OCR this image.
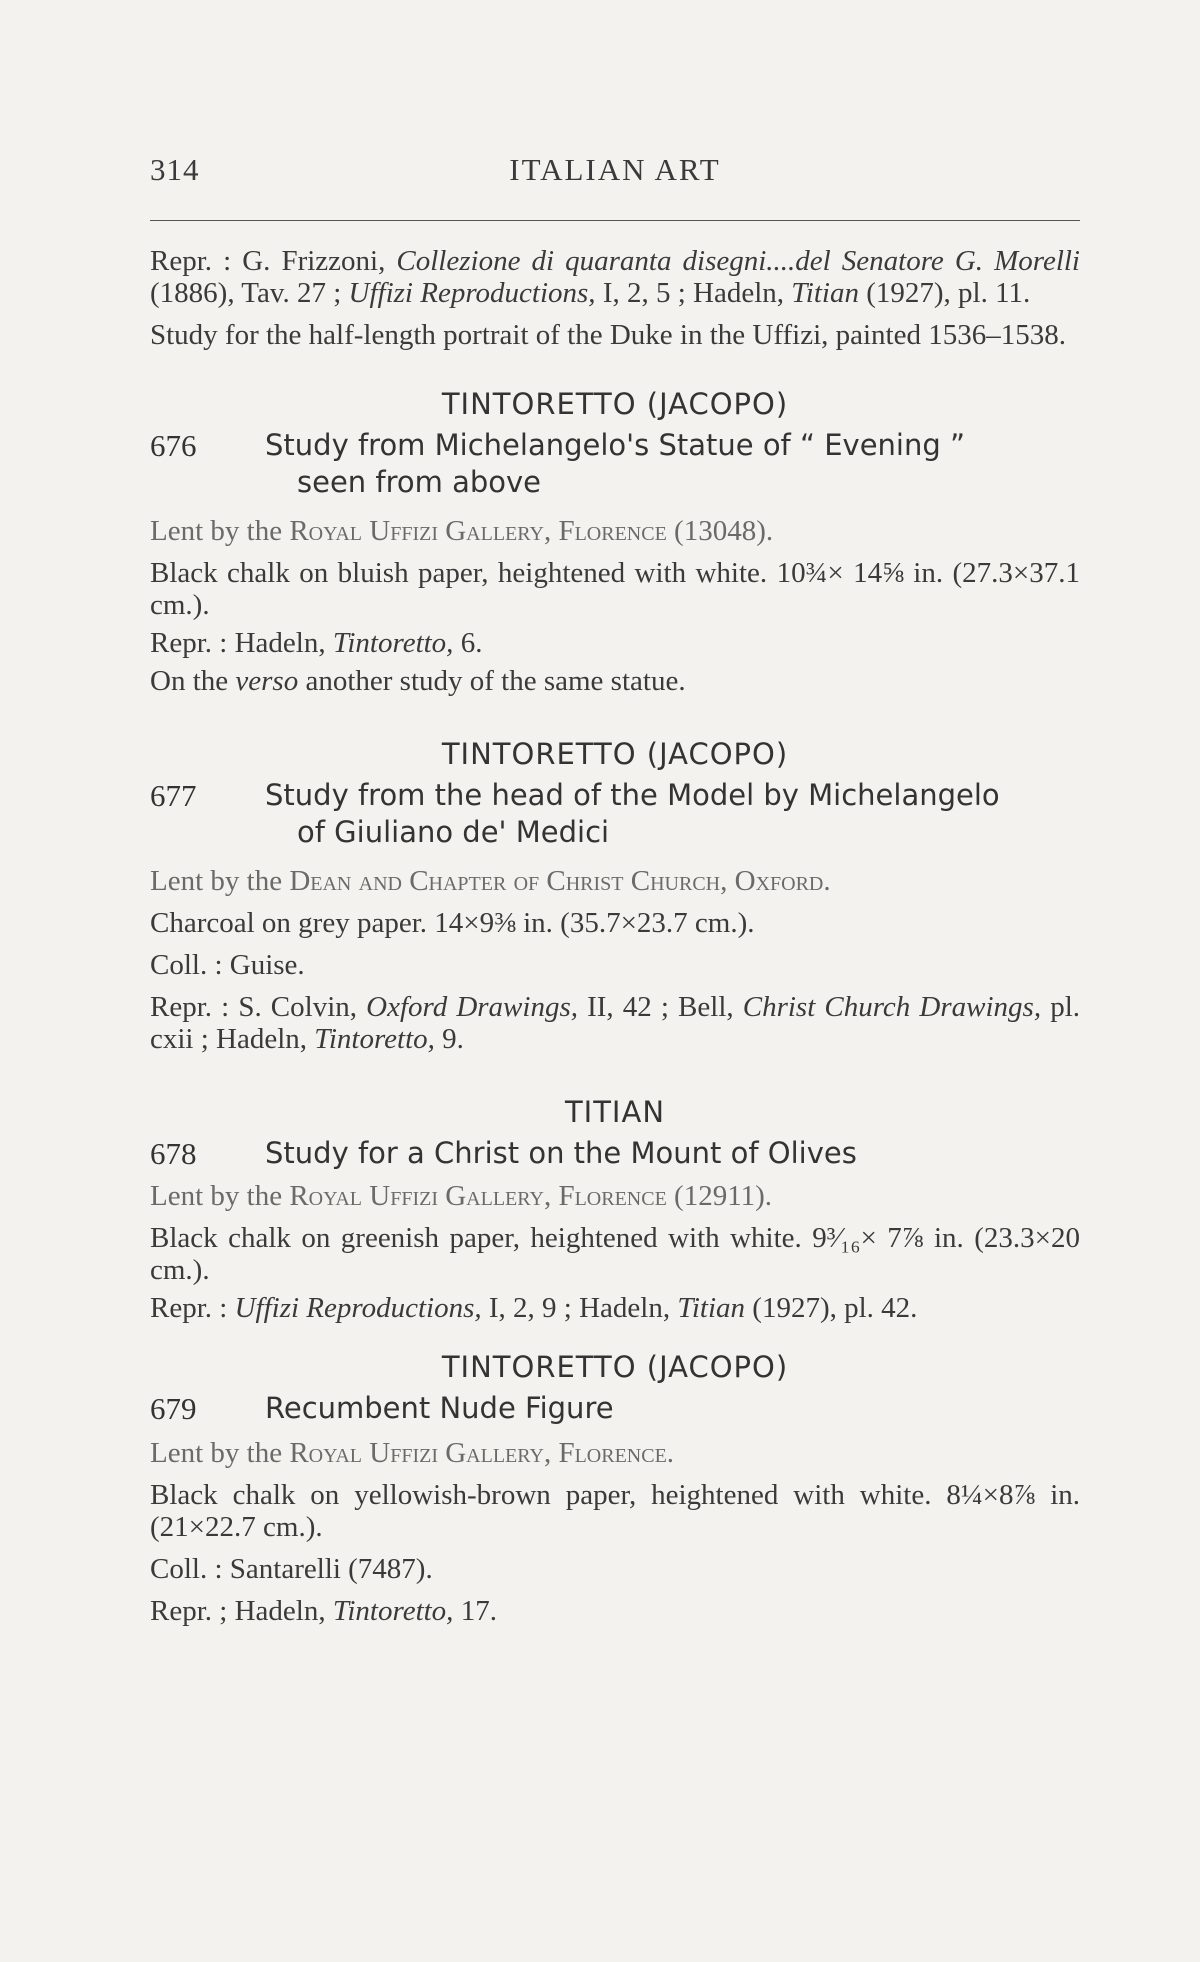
314	ITALIAN ART

Repr. : G. Frizzoni, Collezione di quaranta disegni....del Senatore G. Morelli (1886), Tav. 27 ; Uffizi Reproductions, I, 2, 5 ; Hadeln, Titian (1927), pl. 11.

Study for the half-length portrait of the Duke in the Uffizi, painted 1536–1538.

TINTORETTO (JACOPO)

676	Study from Michelangelo's Statue of “ Evening ”
seen from above

Lent by the Royal Uffizi Gallery, Florence (13048).

Black chalk on bluish paper, heightened with white. 10¾× 14⅝ in. (27.3×37.1 cm.).

Repr. : Hadeln, Tintoretto, 6.

On the verso another study of the same statue.

TINTORETTO (JACOPO)

677	Study from the head of the Model by Michelangelo
of Giuliano de' Medici

Lent by the Dean and Chapter of Christ Church, Oxford.

Charcoal on grey paper. 14×9⅜ in. (35.7×23.7 cm.).

Coll. : Guise.

Repr. : S. Colvin, Oxford Drawings, II, 42 ; Bell, Christ Church Drawings, pl. cxii ; Hadeln, Tintoretto, 9.

TITIAN

678	Study for a Christ on the Mount of Olives

Lent by the Royal Uffizi Gallery, Florence (12911).

Black chalk on greenish paper, heightened with white. 9³⁄₁₆× 7⅞ in. (23.3×20 cm.).

Repr. : Uffizi Reproductions, I, 2, 9 ; Hadeln, Titian (1927), pl. 42.

TINTORETTO (JACOPO)

679	Recumbent Nude Figure

Lent by the Royal Uffizi Gallery, Florence.

Black chalk on yellowish-brown paper, heightened with white. 8¼×8⅞ in. (21×22.7 cm.).

Coll. : Santarelli (7487).

Repr. ; Hadeln, Tintoretto, 17.
